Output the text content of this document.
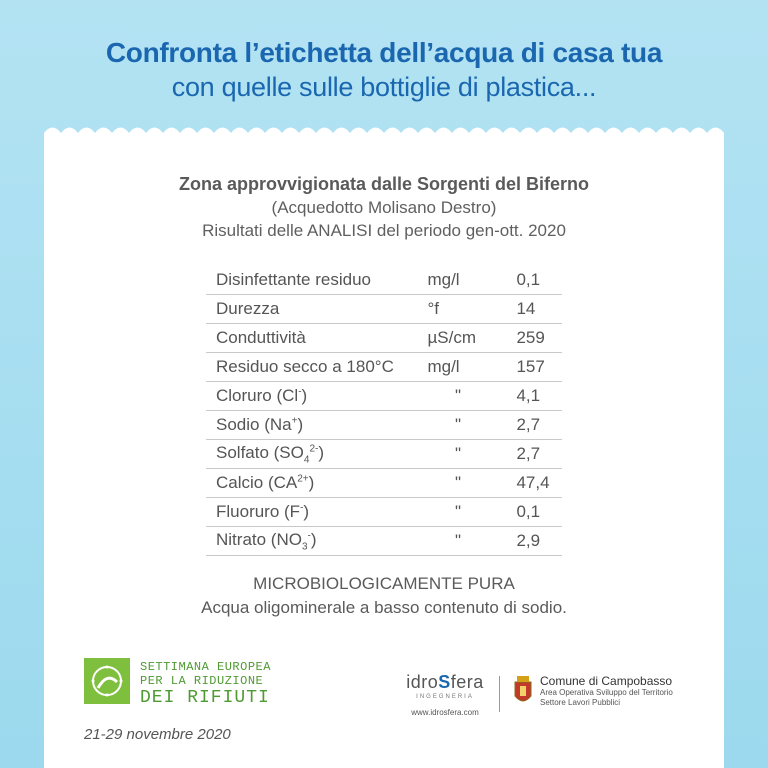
Confronta l’etichetta dell’acqua di casa tua
con quelle sulle bottiglie di plastica...
Zona approvvigionata dalle Sorgenti del Biferno
(Acquedotto Molisano Destro)
Risultati delle ANALISI del periodo gen-ott. 2020
Disinfettante residuo	mg/l	0,1
Durezza	°f	14
Conduttività	µS/cm	259
Residuo secco a 180°C	mg/l	157
Cloruro (Cl-)	"	4,1
Sodio (Na+)	"	2,7
Solfato $(SO_4^{2-})$	"	2,7
Calcio $(CA^{2+})$	"	47,4
Fluoruro (F-)	"	0,1
Nitrato $(NO_3^-)$	"	2,9
MICROBIOLOGICAMENTE PURA
Acqua oligominerale a basso contenuto di sodio.
SETTIMANA EUROPEA
PER LA RIDUZIONE
DEI RIFIUTI
21-29 novembre 2020
idroSfera
INGEGNERIA
www.idrosfera.com
Comune di Campobasso
Area Operativa Sviluppo del Territorio
Settore Lavori Pubblici
